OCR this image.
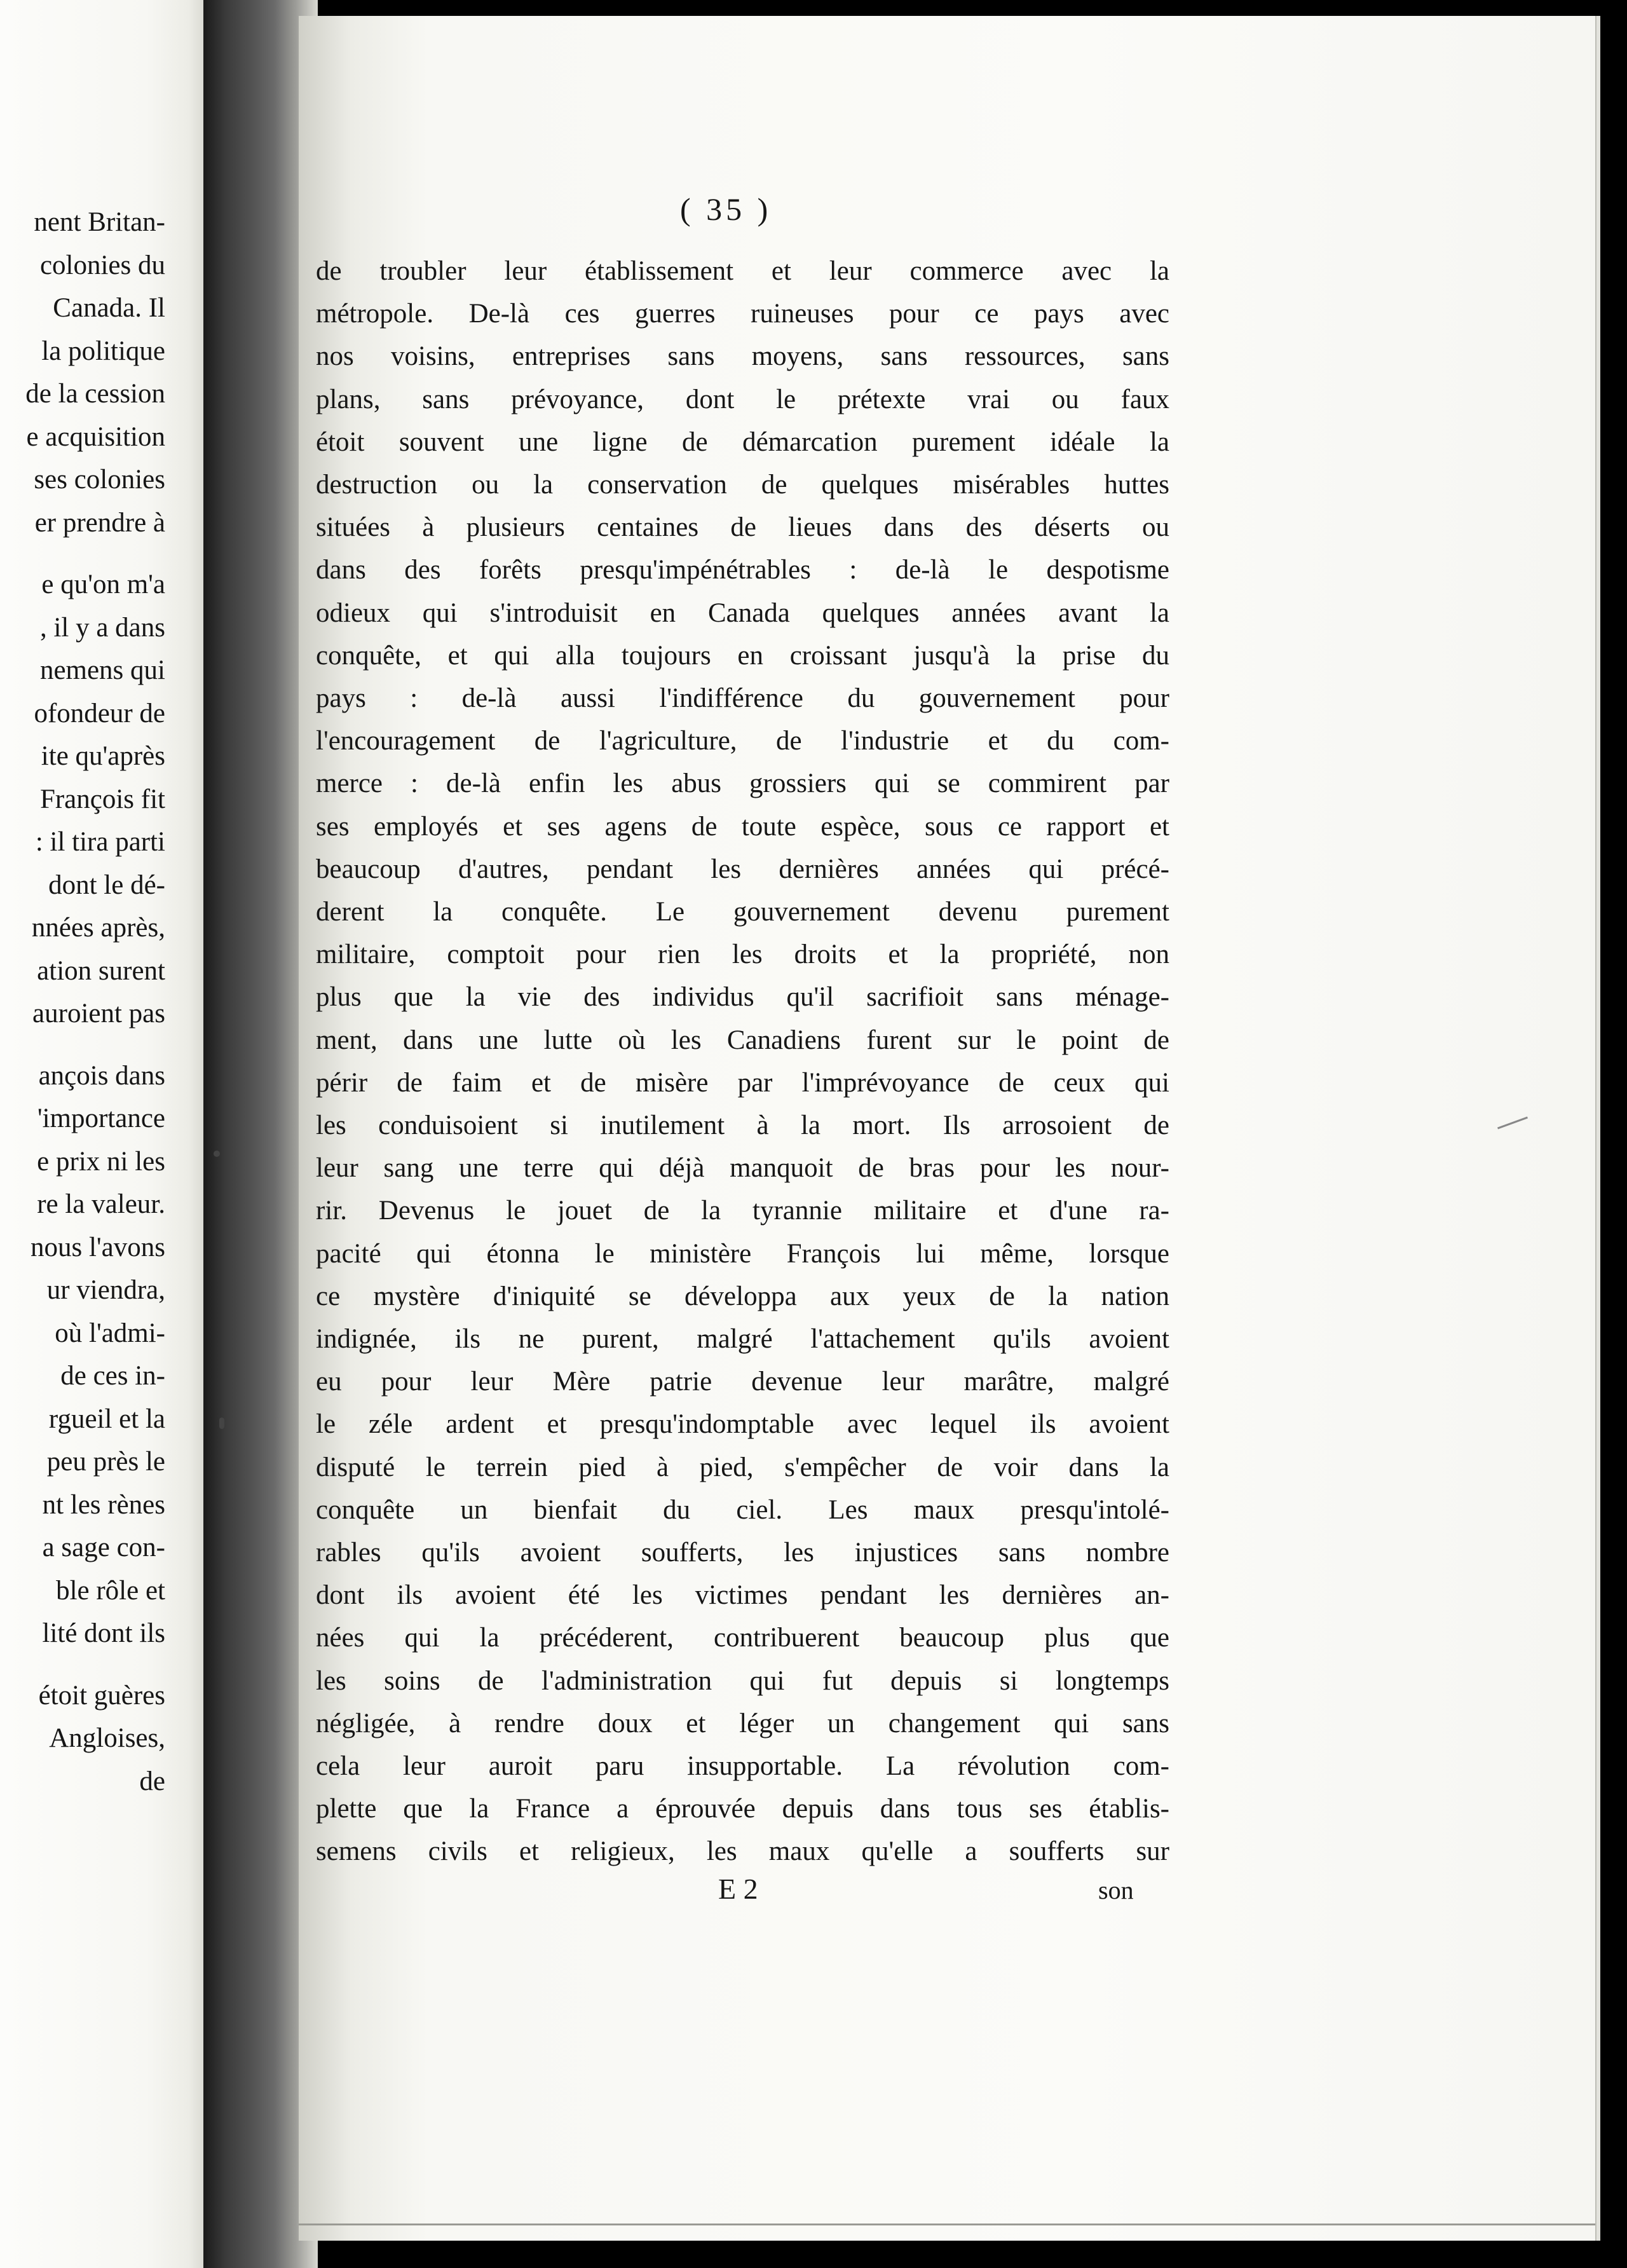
nent Britan-
colonies du
Canada. Il
la politique
de la cession
e acquisition
ses colonies
er prendre à
e qu'on m'a
, il y a dans
nemens qui
ofondeur de
ite qu'après
François fit
: il tira parti
dont le dé-
nnées après,
ation surent
auroient pas
ançois dans
'importance
e prix ni les
re la valeur.
nous l'avons
ur viendra,
où l'admi-
de ces in-
rgueil et la
peu près le
nt les rènes
a sage con-
ble rôle et
lité dont ils
étoit guères
Angloises,
de
( 35 )
de troubler leur établissement et leur commerce avec la
métropole. De-là ces guerres ruineuses pour ce pays avec
nos voisins, entreprises sans moyens, sans ressources, sans
plans, sans prévoyance, dont le prétexte vrai ou faux
étoit souvent une ligne de démarcation purement idéale la
destruction ou la conservation de quelques misérables huttes
situées à plusieurs centaines de lieues dans des déserts ou
dans des forêts presqu'impénétrables : de-là le despotisme
odieux qui s'introduisit en Canada quelques années avant la
conquête, et qui alla toujours en croissant jusqu'à la prise du
pays : de-là aussi l'indifférence du gouvernement pour
l'encouragement de l'agriculture, de l'industrie et du com-
merce : de-là enfin les abus grossiers qui se commirent par
ses employés et ses agens de toute espèce, sous ce rapport et
beaucoup d'autres, pendant les dernières années qui précé-
derent la conquête. Le gouvernement devenu purement
militaire, comptoit pour rien les droits et la propriété, non
plus que la vie des individus qu'il sacrifioit sans ménage-
ment, dans une lutte où les Canadiens furent sur le point de
périr de faim et de misère par l'imprévoyance de ceux qui
les conduisoient si inutilement à la mort. Ils arrosoient de
leur sang une terre qui déjà manquoit de bras pour les nour-
rir. Devenus le jouet de la tyrannie militaire et d'une ra-
pacité qui étonna le ministère François lui même, lorsque
ce mystère d'iniquité se développa aux yeux de la nation
indignée, ils ne purent, malgré l'attachement qu'ils avoient
eu pour leur Mère patrie devenue leur marâtre, malgré
le zéle ardent et presqu'indomptable avec lequel ils avoient
disputé le terrein pied à pied, s'empêcher de voir dans la
conquête un bienfait du ciel. Les maux presqu'intolé-
rables qu'ils avoient soufferts, les injustices sans nombre
dont ils avoient été les victimes pendant les dernières an-
nées qui la précéderent, contribuerent beaucoup plus que
les soins de l'administration qui fut depuis si longtemps
négligée, à rendre doux et léger un changement qui sans
cela leur auroit paru insupportable. La révolution com-
plette que la France a éprouvée depuis dans tous ses établis-
semens civils et religieux, les maux qu'elle a soufferts sur
E 2	son
